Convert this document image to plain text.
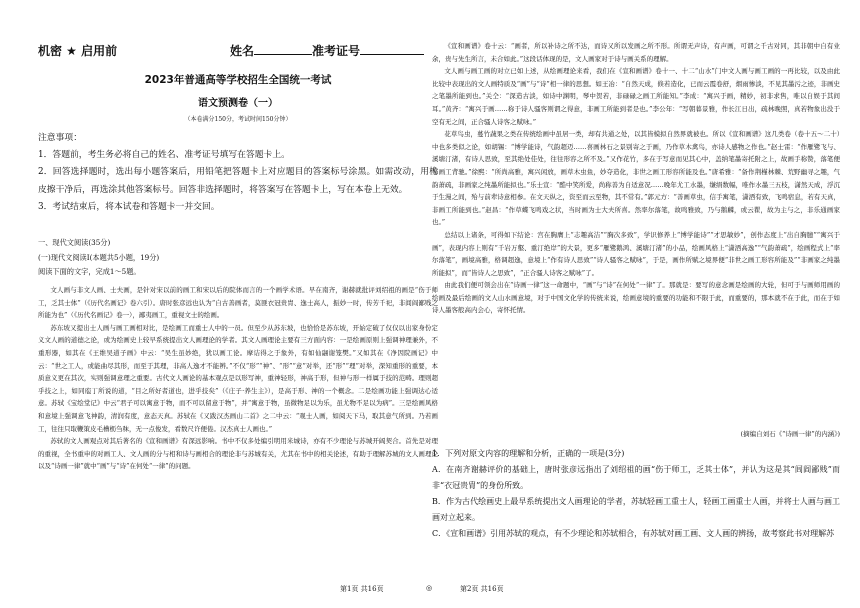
机密 ★ 启用前	姓名	准考证号
2023年普通高等学校招生全国统一考试
语文预测卷（一）
（本卷满分150分，考试时间150分钟）

注意事项：

1．答题前，考生务必将自己的姓名、准考证号填写在答题卡上。

2．回答选择题时，选出每小题答案后，用铅笔把答题卡上对应题目的答案标号涂黑。如需改动，用橡皮擦干净后，再选涂其他答案标号。回答非选择题时，将答案写在答题卡上，写在本卷上无效。

3．考试结束后，将本试卷和答题卡一并交回。

一、现代文阅读(35分)

(一)现代文阅读Ⅰ(本题共5小题，19分)

阅读下面的文字，完成1～5题。

文人画与非文人画、士夫画，是针对宋以前的画工和宋以后的院体而言的一个画学术语。早在南齐，谢赫就批评刘绍祖的画是“伤于师工，乏其士体”（《历代名画记》卷六引）。唐时张彦远也认为“自古善画者，莫匪衣冠贵胄、逸士高人，振妙一时，传芳千祀，非闾阎鄙贱之所能为也”（《历代名画记》卷一），鄙夷画工，重视文士的绘画。

苏东坡又提出士人画与画工画相对比，是绘画工而重士人中的一员。但至少从苏东坡，也恰恰是苏东坡，开始定破了仅仅以出家身份定义文人画的道德之论，或为绘画史上较早系统提出文人画理论的学者。其文人画理论主要有三方面内容：一是绘画原则上强调神理兼外，不重形器，如其在《王维吴道子画》中云：“吴生虽妙绝，犹以画工论。摩诘得之于象外，有如仙翮谢笼樊。”又如其在《净因院画记》中云：“世之工人，或能曲尽其形，而至于其理，非高人逸才不能辨。”不仅“形”“神”、“形”“意”对举，还“形”“理”对举，深知重形的重要，本质意义更在其次，实则强调意理之重要。古代文人画论的基本观点是以形写神，重神轻形，神高于形，但神与形一样属于技的范畴。理则超乎技之上，如同庖丁所说的道，“目之所好者道也，进乎技矣”（《庄子·养生主》），是高于形、神的一个概念。二是绘画功能上强调达心适意。苏轼《宝绘堂记》中云“君子可以寓意于物，而不可以留意于物”，并“寓意于物，虽微物足以为乐，虽尤物不足以为病”。三是绘画风格和意境上强调意飞神韵，清润有度，意态天真。苏轼在《又跋汉杰画山二首》之二中云：“观士人画，如阅天下马，取其意气所到。乃若画工，往往只取鞭策皮毛槽枥刍秣，无一点俊发，看数尺许便倦。汉杰真士人画也。”

苏轼的文人画观点对其后著名的《宣和画谱》有深远影响。书中不仅多处编引明用米城诗，亦有不少理论与苏城开阔契合。首先是对理的重视，全书重申的对画工人、文人画的分与相和诗与画相合的理论非与苏城有关，尤其在书中的相关论述，有助于理解苏城的文人画理论以及“诗画一律”就中“画”与“诗”在何处“一律”的问题。

《宣和画谱》卷十云：“画者，所以补诗之所不达，而诗又所以发画之所不形。所谓无声诗，有声画，可谓之千古对同，其非朝中自有业余，贵与先生所言，未合如此。”这段话体现的是，文人画家对于诗与画关系的理解。

文人画与画工画的对立已如上述，从绘画理论来看，我们在《宣和画谱》卷十一、十二“山水”门中文人画与画工画的一再比较，以及由此比较中表现出的文人画特质及“画”与“诗”相一律的思想。如王冶：“自然天成，倏若造化，已而云霞卷舒，烟雨惨淡，不见其墨污之迹，非画史之笔墨所能到也。”关仝：“深造古淡，如诗中渊明，琴中贺若，非碌碌之画工所能知。”李成：“寓兴于画，精妙，初非求售，唯以自娱于其间耳。”黄齐：“寓兴于画……称于诗人骚客则谓之得意，非画工所能到者是也。”李公年：“写朝暮景雅，作长江日出，疏林晚照，真若物象出没于空有无之间，正合骚人诗客之赋咏。”

花草鸟虫，蔓竹蔬果之类在传统绘画中虽居一类，却有共通之处，以其皆模拟自然界就被也。所以《宣和画谱》这几类卷（卷十五～二十）中也多类似之论，如胡锡：“博学能诗，气韵超迈……喜画林石之景别寄之于画，乃作草木禽鸟，亦诗人感物之作也。”赵士雷：“作雁鹭飞与、溪塘汀渚，有诗人思致，至其绝处佳处，往往形容之所不及。”又作花竹，多在于写意而见其心中，盖纳笔墨寄托附之上，故画手称赞，落笔便与画工背驰。”徐熙：“所尚高雅，寓兴闲放，画草木虫鱼，妙夺造化，非世之画工形容所能及也。”唐希雅：“备作荆槿林棘、荒野幽寻之趣，气韵萧疏，非画家之纯墨所能拟也。”乐士宣：“酷中笑所爱，尚称善为自适意况……晚年尤工水墨，缣绢数幅，唯作水墨三五枝，潇然天成，浮沉于生漫之间，殆与前辈诗意相参。在文天纵之，资至而云至物，其不常有。”郭元方：“善画草虫，信手寓笔，潇洒有致，飞鸣宿息，若有天真，非画工所能到也。”赵昌：“作草蝶飞鸣戏之状，当时画为士大夫所喜。然率尔落笔，故鸣雅致，乃与鹅麟，或云瞿，故为主与之，非乐通画家也。”

总结以上诸条，可得如下结论：宫在胸膺上“志趣高洁”“胸次多致”，学识修养上“博学能诗”“才思敏妙”，创作态度上“出自胸臆”“寓兴于画”，表现内容上则有“千岩万壑、重汀绝岸”的大景，更多“雁鹭鹅鸿、溪塘汀渚”的小品，绘画风格上“潇洒高逸”“气韵萧疏”，绘画程式上“率尔落笔”，画境高雅，格调超逸，意境上“作有诗人思致”“诗人骚客之赋咏”，于是，画作所赋之境界便“非世之画工形容所能及”“非画家之纯墨所能拟”，而“皆诗人之思致”，“正合骚人诗客之赋咏”了。

由此我们便可领会出在“诗画一律”这一命题中，“画”与“诗”在何处“一律”了。那就是：要写的意念画是绘画的大轮，但可于与画师用画的绘画及最后绘画的文人山水画意境，对于中国文化学的传统来说，绘画意境的重要的功能和不限于此，而重要的，那本就不在于此，而在于如诗人墨客般高内会心，寄怀托情。

(摘编自刘石《“诗画一律”的内涵》)

1．下列对原文内容的理解和分析，正确的一项是(3分)

A．在南齐谢赫评价的基础上，唐时张彦远指出了刘绍祖的画“伤于师工，乏其士体”，并认为这是其“闾阎鄙贱”而非“衣冠贵胄”的身份所致。

B．作为古代绘画史上最早系统提出文人画理论的学者，苏轼轻画工重士人，轻画工画重士人画，并将士人画与画工画对立起来。

C．《宣和画谱》引用苏轼的观点，有不少理论和苏轼相合，有苏轼对画工画、文人画的辨扬，故考察此书对理解苏

第1页 共16页	◎	第2页 共16页
